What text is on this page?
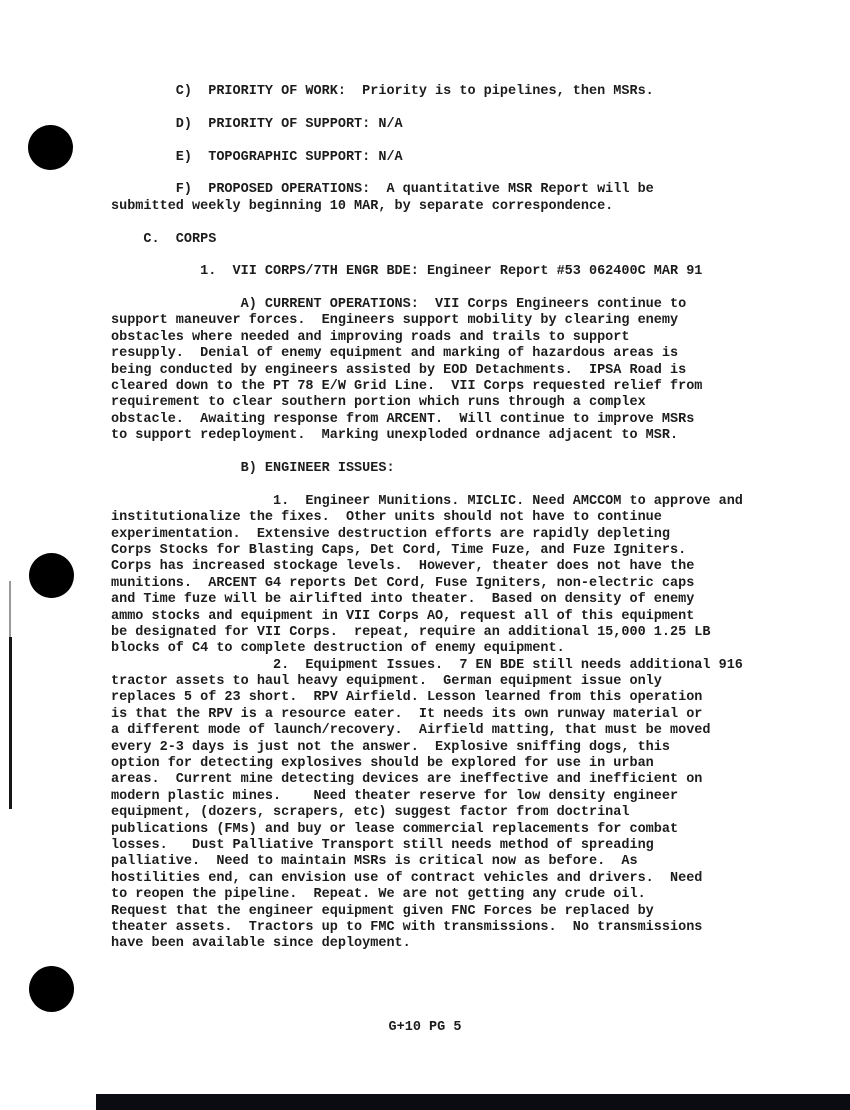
C)  PRIORITY OF WORK:  Priority is to pipelines, then MSRs.

D)  PRIORITY OF SUPPORT: N/A

E)  TOPOGRAPHIC SUPPORT: N/A

F)  PROPOSED OPERATIONS:  A quantitative MSR Report will be
submitted weekly beginning 10 MAR, by separate correspondence.

C.  CORPS

1.  VII CORPS/7TH ENGR BDE: Engineer Report #53 062400C MAR 91

A) CURRENT OPERATIONS:  VII Corps Engineers continue to
support maneuver forces.  Engineers support mobility by clearing enemy
obstacles where needed and improving roads and trails to support
resupply.  Denial of enemy equipment and marking of hazardous areas is
being conducted by engineers assisted by EOD Detachments.  IPSA Road is
cleared down to the PT 78 E/W Grid Line.  VII Corps requested relief from
requirement to clear southern portion which runs through a complex
obstacle.  Awaiting response from ARCENT.  Will continue to improve MSRs
to support redeployment.  Marking unexploded ordnance adjacent to MSR.

B) ENGINEER ISSUES:

1.  Engineer Munitions. MICLIC. Need AMCCOM to approve and
institutionalize the fixes.  Other units should not have to continue
experimentation.  Extensive destruction efforts are rapidly depleting
Corps Stocks for Blasting Caps, Det Cord, Time Fuze, and Fuze Igniters.
Corps has increased stockage levels.  However, theater does not have the
munitions.  ARCENT G4 reports Det Cord, Fuse Igniters, non-electric caps
and Time fuze will be airlifted into theater.  Based on density of enemy
ammo stocks and equipment in VII Corps AO, request all of this equipment
be designated for VII Corps.  repeat, require an additional 15,000 1.25 LB
blocks of C4 to complete destruction of enemy equipment.
2.  Equipment Issues.  7 EN BDE still needs additional 916
tractor assets to haul heavy equipment.  German equipment issue only
replaces 5 of 23 short.  RPV Airfield. Lesson learned from this operation
is that the RPV is a resource eater.  It needs its own runway material or
a different mode of launch/recovery.  Airfield matting, that must be moved
every 2-3 days is just not the answer.  Explosive sniffing dogs, this
option for detecting explosives should be explored for use in urban
areas.  Current mine detecting devices are ineffective and inefficient on
modern plastic mines.    Need theater reserve for low density engineer
equipment, (dozers, scrapers, etc) suggest factor from doctrinal
publications (FMs) and buy or lease commercial replacements for combat
losses.   Dust Palliative Transport still needs method of spreading
palliative.  Need to maintain MSRs is critical now as before.  As
hostilities end, can envision use of contract vehicles and drivers.  Need
to reopen the pipeline.  Repeat. We are not getting any crude oil.
Request that the engineer equipment given FNC Forces be replaced by
theater assets.  Tractors up to FMC with transmissions.  No transmissions
have been available since deployment.
G+10 PG 5
